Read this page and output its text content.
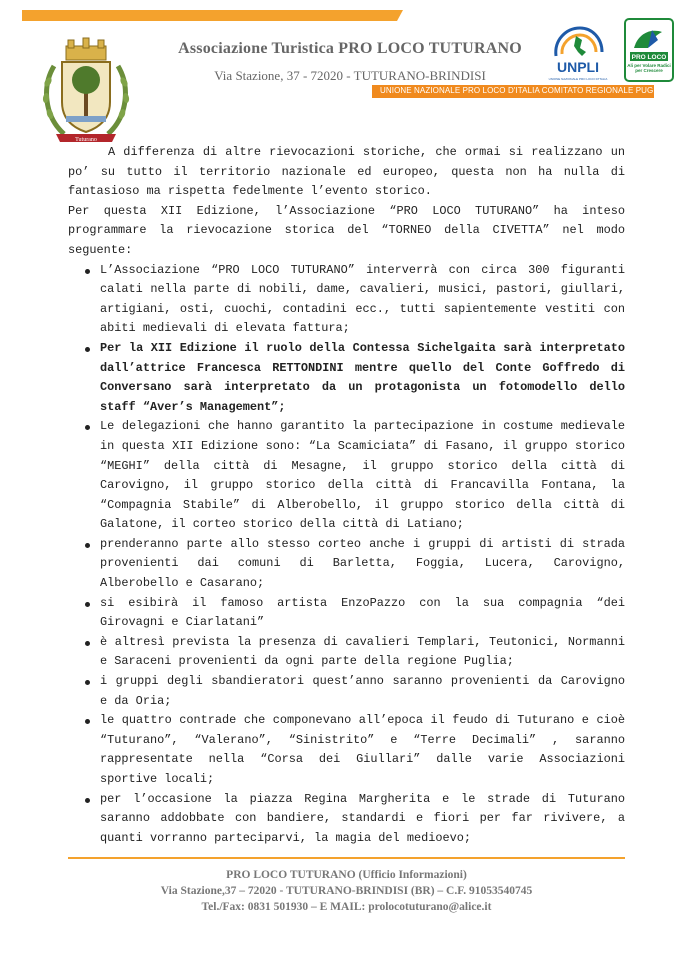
Tuturano
Associazione Turistica PRO LOCO TUTURANO
Via Stazione, 37 - 72020 - TUTURANO-BRINDISI
UNIONE NAZIONALE PRO LOCO D'ITALIA COMITATO REGIONALE PUGLIA
UNPLI
UNIONE NAZIONALE PRO LOCO D'ITALIA
PRO LOCO
Ali per Volare Radici per Crescere

A differenza di altre rievocazioni storiche, che ormai si realizzano un po’ su tutto il territorio nazionale ed europeo, questa non ha nulla di fantasioso ma rispetta fedelmente l’evento storico.

Per questa XII Edizione, l’Associazione “PRO LOCO TUTURANO” ha inteso programmare la rievocazione storica del “TORNEO della CIVETTA” nel modo seguente:

L’Associazione “PRO LOCO TUTURANO” interverrà con circa 300 figuranti calati nella parte di nobili, dame, cavalieri, musici, pastori, giullari, artigiani, osti, cuochi, contadini ecc., tutti sapientemente vestiti con abiti medievali di elevata fattura;
Per la XII Edizione il ruolo della Contessa Sichelgaita sarà interpretato dall’attrice Francesca RETTONDINI mentre quello del Conte Goffredo di Conversano sarà interpretato da un protagonista un fotomodello dello staff “Aver’s Management”;
Le delegazioni che hanno garantito la partecipazione in costume medievale in questa XII Edizione sono: “La Scamiciata” di Fasano, il gruppo storico “MEGHI” della città di Mesagne, il gruppo storico della città di Carovigno, il gruppo storico della città di Francavilla Fontana, la “Compagnia Stabile” di Alberobello, il gruppo storico della città di Galatone, il corteo storico della città di Latiano;
prenderanno parte allo stesso corteo anche i gruppi di artisti di strada provenienti dai comuni di Barletta, Foggia, Lucera, Carovigno, Alberobello e Casarano;
si esibirà il famoso artista EnzoPazzo con la sua compagnia “dei Girovagni e Ciarlatani”
è altresì prevista la presenza di cavalieri Templari, Teutonici, Normanni e Saraceni provenienti da ogni parte della regione Puglia;
i gruppi degli sbandieratori quest’anno saranno provenienti da Carovigno e da Oria;
le quattro contrade che componevano all’epoca il feudo di Tuturano e cioè “Tuturano”, “Valerano”, “Sinistrito” e “Terre Decimali” , saranno rappresentate nella “Corsa dei Giullari” dalle varie Associazioni sportive locali;
per l’occasione la piazza Regina Margherita e le strade di Tuturano saranno addobbate con bandiere, standardi e fiori per far rivivere, a quanti vorranno parteciparvi, la magia del medioevo;
PRO LOCO TUTURANO (Ufficio Informazioni)
Via Stazione,37 – 72020 - TUTURANO-BRINDISI (BR) – C.F. 91053540745
Tel./Fax: 0831 501930 – E MAIL: prolocotuturano@alice.it
